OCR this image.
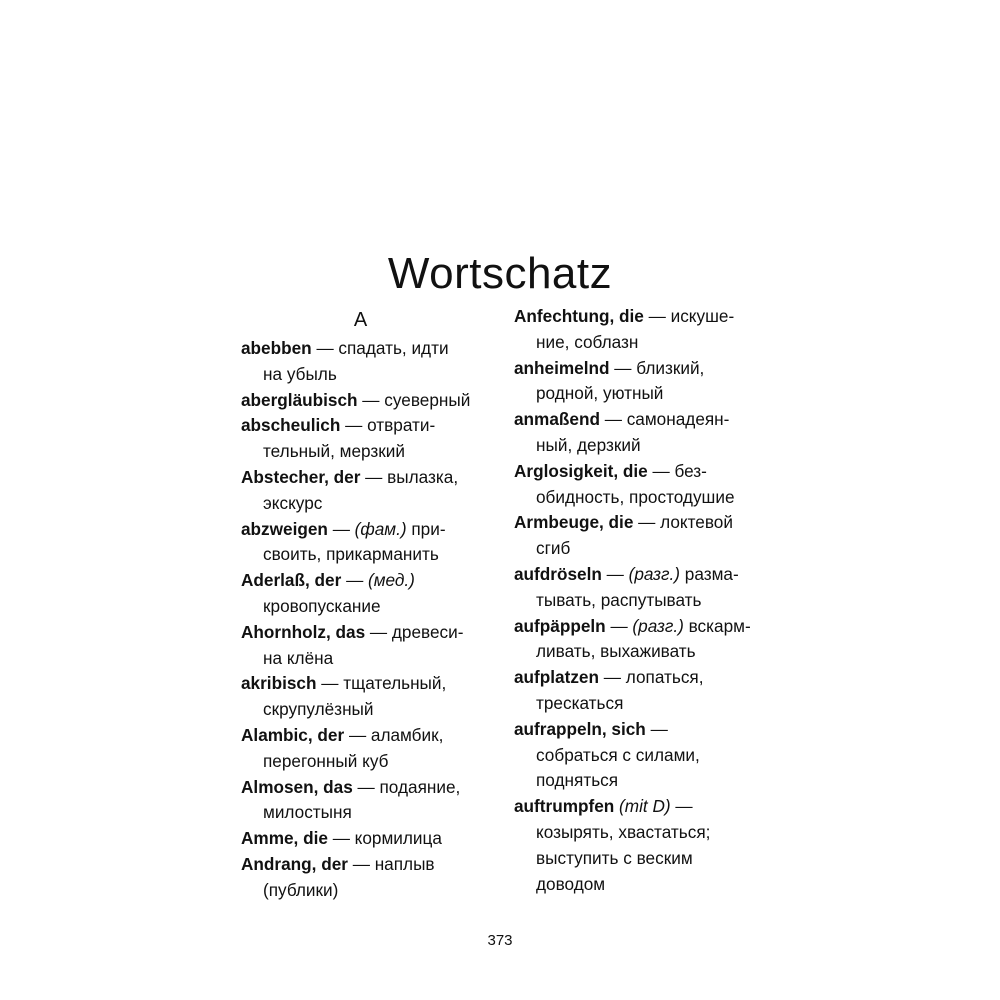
Wortschatz
A
abebben — спадать, идти
на убыль
abergläubisch — суеверный
abscheulich — отврати-
тельный, мерзкий
Abstecher, der — вылазка,
экскурс
abzweigen — (фам.) при-
своить, прикарманить
Aderlaß, der — (мед.)
кровопускание
Ahornholz, das — древеси-
на клёна
akribisch — тщательный,
скрупулёзный
Alambic, der — аламбик,
перегонный куб
Almosen, das — подаяние,
милостыня
Amme, die — кормилица
Andrang, der — наплыв
(публики)
Anfechtung, die — искуше-
ние, соблазн
anheimelnd — близкий,
родной, уютный
anmaßend — самонадеян-
ный, дерзкий
Arglosigkeit, die — без-
обидность, простодушие
Armbeuge, die — локтевой
сгиб
aufdröseln — (разг.) разма-
тывать, распутывать
aufpäppeln — (разг.) вскарм-
ливать, выхаживать
aufplatzen — лопаться,
трескаться
aufrappeln, sich —
собраться с силами,
подняться
auftrumpfen (mit D) —
козырять, хвастаться;
выступить с веским
доводом
373
